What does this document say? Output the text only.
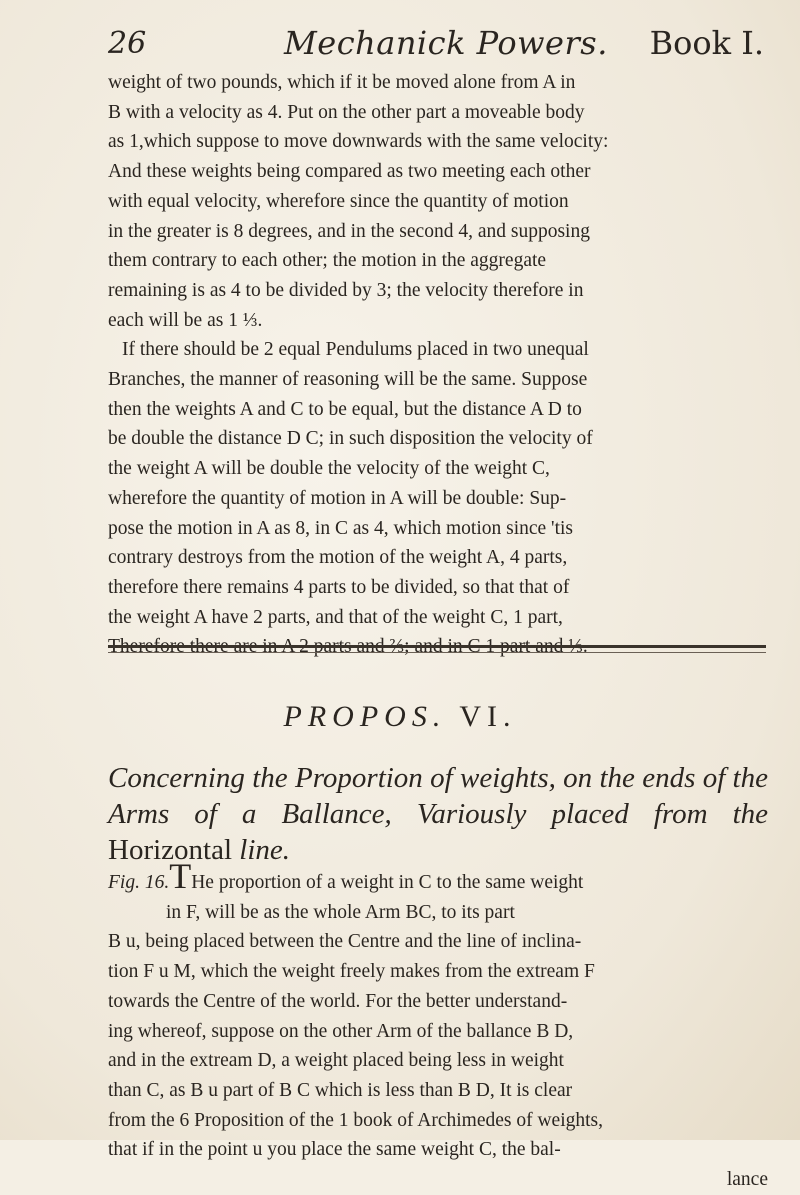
26	Mechanick Powers. Book I.
weight of two pounds, which if it be moved alone from A in
B with a velocity as 4. Put on the other part a moveable body
as 1,which suppose to move downwards with the same velocity:
And these weights being compared as two meeting each other
with equal velocity, wherefore since the quantity of motion
in the greater is 8 degrees, and in the second 4, and supposing
them contrary to each other; the motion in the aggregate
remaining is as 4 to be divided by 3; the velocity therefore in
each will be as 1 ⅓.
If there should be 2 equal Pendulums placed in two unequal
Branches, the manner of reasoning will be the same. Suppose
then the weights A and C to be equal, but the distance A D to
be double the distance D C; in such disposition the velocity of
the weight A will be double the velocity of the weight C,
wherefore the quantity of motion in A will be double: Sup-
pose the motion in A as 8, in C as 4, which motion since 'tis
contrary destroys from the motion of the weight A, 4 parts,
therefore there remains 4 parts to be divided, so that that of
the weight A have 2 parts, and that of the weight C, 1 part,
Therefore there are in A 2 parts and ⅔; and in C 1 part and ⅓.
PROPOS. VI.
Concerning the Proportion of weights, on the ends of the Arms of a Ballance, Variously placed from the Horizontal line.
Fig. 16.THe proportion of a weight in C to the same weight
in F, will be as the whole Arm BC, to its part
B u, being placed between the Centre and the line of inclina-
tion F u M, which the weight freely makes from the extream F
towards the Centre of the world. For the better understand-
ing whereof, suppose on the other Arm of the ballance B D,
and in the extream D, a weight placed being less in weight
than C, as B u part of B C which is less than B D, It is clear
from the 6 Proposition of the 1 book of Archimedes of weights,
that if in the point u you place the same weight C, the bal-
lance
